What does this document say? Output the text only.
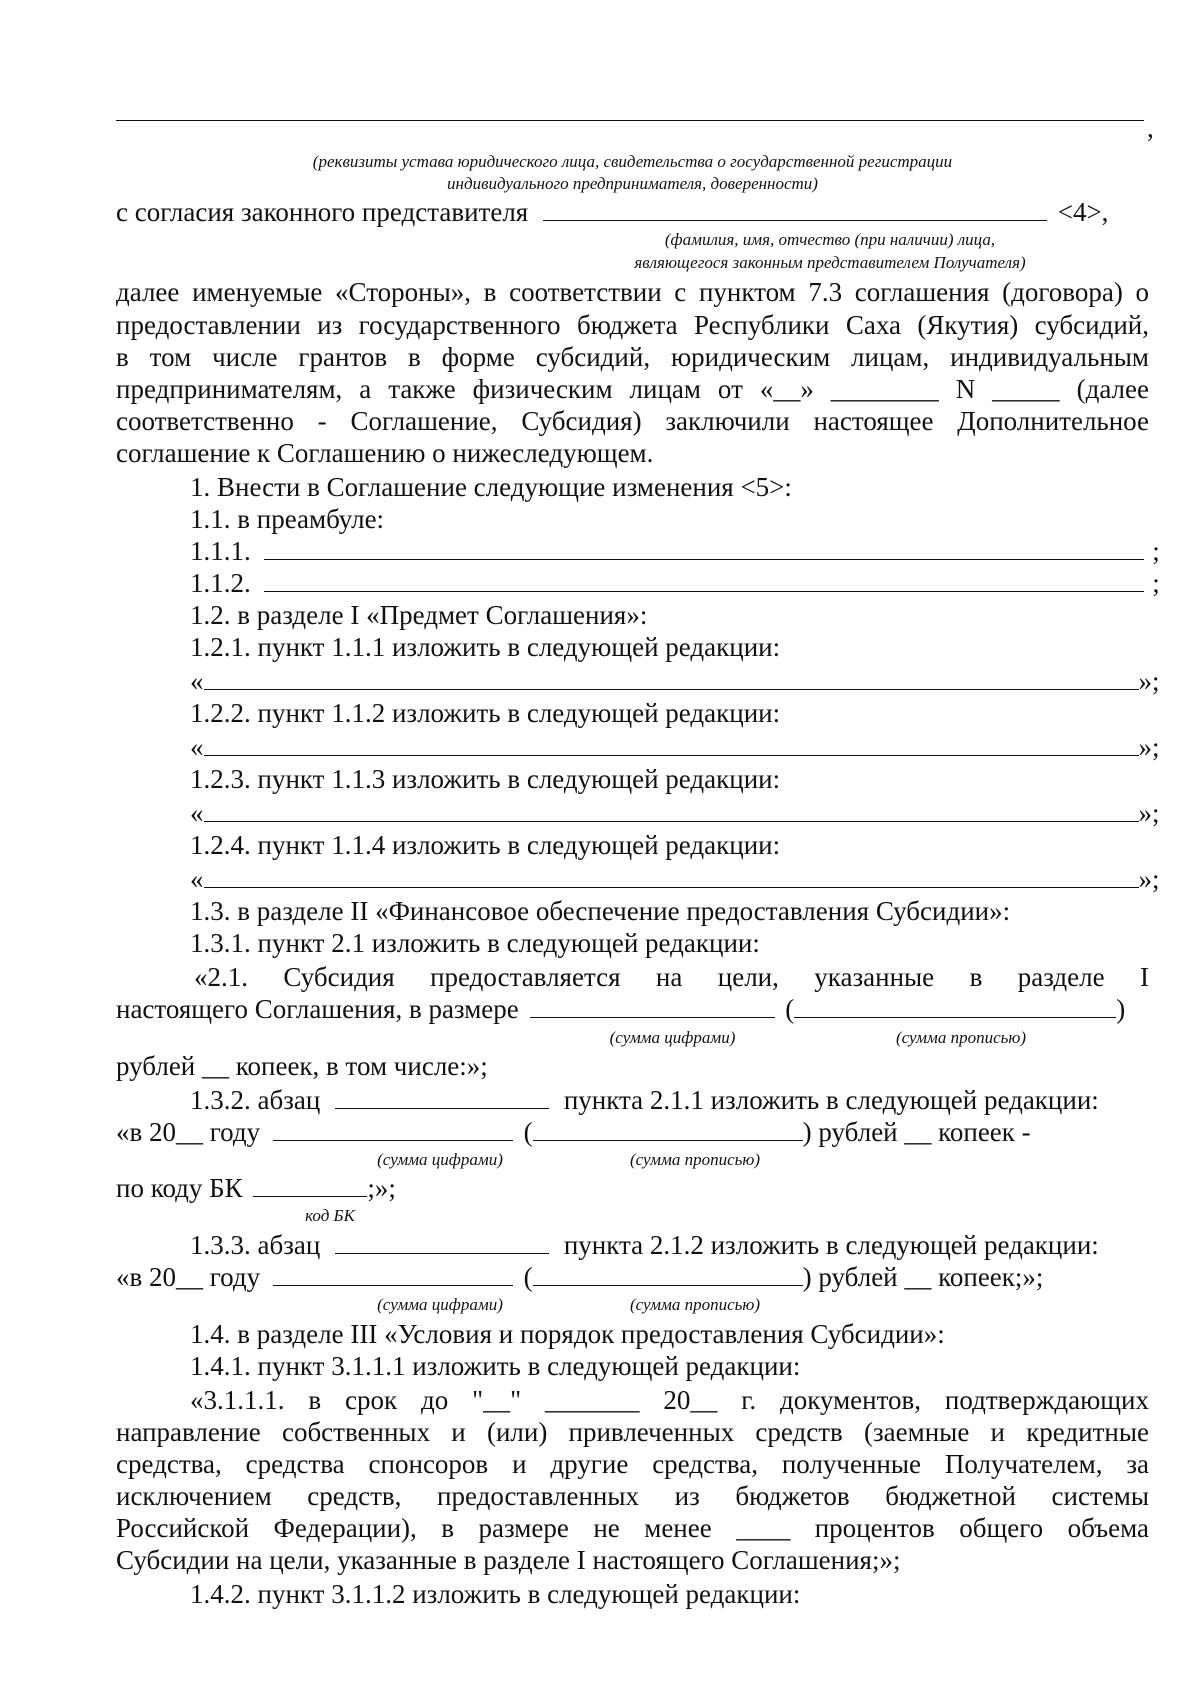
,
(реквизиты устава юридического лица, свидетельства о государственной регистрации
индивидуального предпринимателя, доверенности)
с согласия законного представителя	<4>,
(фамилия, имя, отчество (при наличии) лица,
являющегося законным представителем Получателя)
далее именуемые «Стороны», в соответствии с пунктом 7.3 соглашения (договора) о
предоставлении из государственного бюджета Республики Саха (Якутия) субсидий,
в том числе грантов в форме субсидий, юридическим лицам, индивидуальным
предпринимателям, а также физическим лицам от «__» ________ N _____ (далее
соответственно - Соглашение, Субсидия) заключили настоящее Дополнительное
соглашение к Соглашению о нижеследующем.
1. Внести в Соглашение следующие изменения <5>:
1.1. в преамбуле:
1.1.1.	;
1.1.2.	;
1.2. в разделе I «Предмет Соглашения»:
1.2.1. пункт 1.1.1 изложить в следующей редакции:
«	»;
1.2.2. пункт 1.1.2 изложить в следующей редакции:
«	»;
1.2.3. пункт 1.1.3 изложить в следующей редакции:
«	»;
1.2.4. пункт 1.1.4 изложить в следующей редакции:
«	»;
1.3. в разделе II «Финансовое обеспечение предоставления Субсидии»:
1.3.1. пункт 2.1 изложить в следующей редакции:
«2.1. Субсидия предоставляется на цели, указанные в разделе I
настоящего Соглашения, в размере	(	)
(сумма цифрами)	(сумма прописью)
рублей __ копеек, в том числе:»;
1.3.2. абзац	пункта 2.1.1 изложить в следующей редакции:
«в 20__ году	(	) рублей __ копеек -
(сумма цифрами)	(сумма прописью)
по коду БК	;»;
код БК
1.3.3. абзац	пункта 2.1.2 изложить в следующей редакции:
«в 20__ году	(	) рублей __ копеек;»;
(сумма цифрами)	(сумма прописью)
1.4. в разделе III «Условия и порядок предоставления Субсидии»:
1.4.1. пункт 3.1.1.1 изложить в следующей редакции:
«3.1.1.1. в срок до "__" _______ 20__ г. документов, подтверждающих
направление собственных и (или) привлеченных средств (заемные и кредитные
средства, средства спонсоров и другие средства, полученные Получателем, за
исключением средств, предоставленных из бюджетов бюджетной системы
Российской Федерации), в размере не менее ____ процентов общего объема
Субсидии на цели, указанные в разделе I настоящего Соглашения;»;
1.4.2. пункт 3.1.1.2 изложить в следующей редакции:
